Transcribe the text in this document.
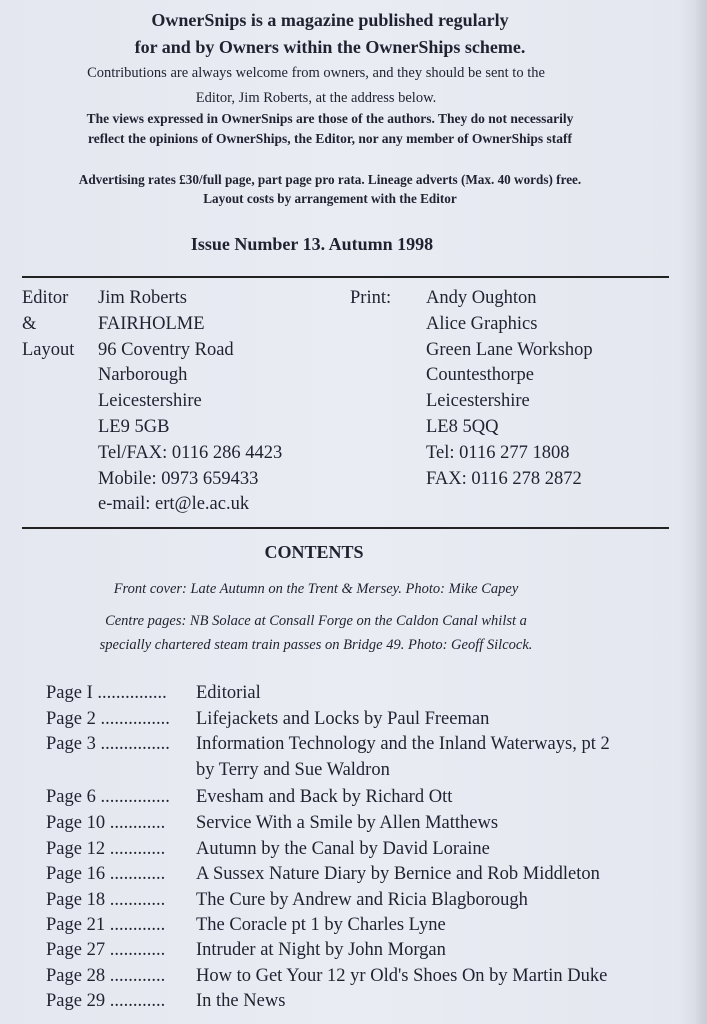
OwnerSnips is a magazine published regularly
for and by Owners within the OwnerShips scheme.
Contributions are always welcome from owners, and they should be sent to the
Editor, Jim Roberts, at the address below.
The views expressed in OwnerSnips are those of the authors. They do not necessarily
reflect the opinions of OwnerShips, the Editor, nor any member of OwnerShips staff
Advertising rates £30/full page, part page pro rata. Lineage adverts (Max. 40 words) free.
Layout costs by arrangement with the Editor
Issue Number 13. Autumn 1998
Editor
&
Layout
Jim Roberts
FAIRHOLME
96 Coventry Road
Narborough
Leicestershire
LE9 5GB
Tel/FAX: 0116 286 4423
Mobile: 0973 659433
e-mail: ert@le.ac.uk
Print: Andy Oughton
Alice Graphics
Green Lane Workshop
Countesthorpe
Leicestershire
LE8 5QQ
Tel: 0116 277 1808
FAX: 0116 278 2872
CONTENTS
Front cover: Late Autumn on the Trent & Mersey. Photo: Mike Capey
Centre pages: NB Solace at Consall Forge on the Caldon Canal whilst a
specially chartered steam train passes on Bridge 49. Photo: Geoff Silcock.
Page I ............... Editorial
Page 2 ............... Lifejackets and Locks by Paul Freeman
Page 3 ............... Information Technology and the Inland Waterways, pt 2
by Terry and Sue Waldron
Page 6 ............... Evesham and Back by Richard Ott
Page 10 ............ Service With a Smile by Allen Matthews
Page 12 ............ Autumn by the Canal by David Loraine
Page 16 ............ A Sussex Nature Diary by Bernice and Rob Middleton
Page 18 ............ The Cure by Andrew and Ricia Blagborough
Page 21 ............ The Coracle pt 1 by Charles Lyne
Page 27 ............ Intruder at Night by John Morgan
Page 28 ............ How to Get Your 12 yr Old's Shoes On by Martin Duke
Page 29 ............ In the News
